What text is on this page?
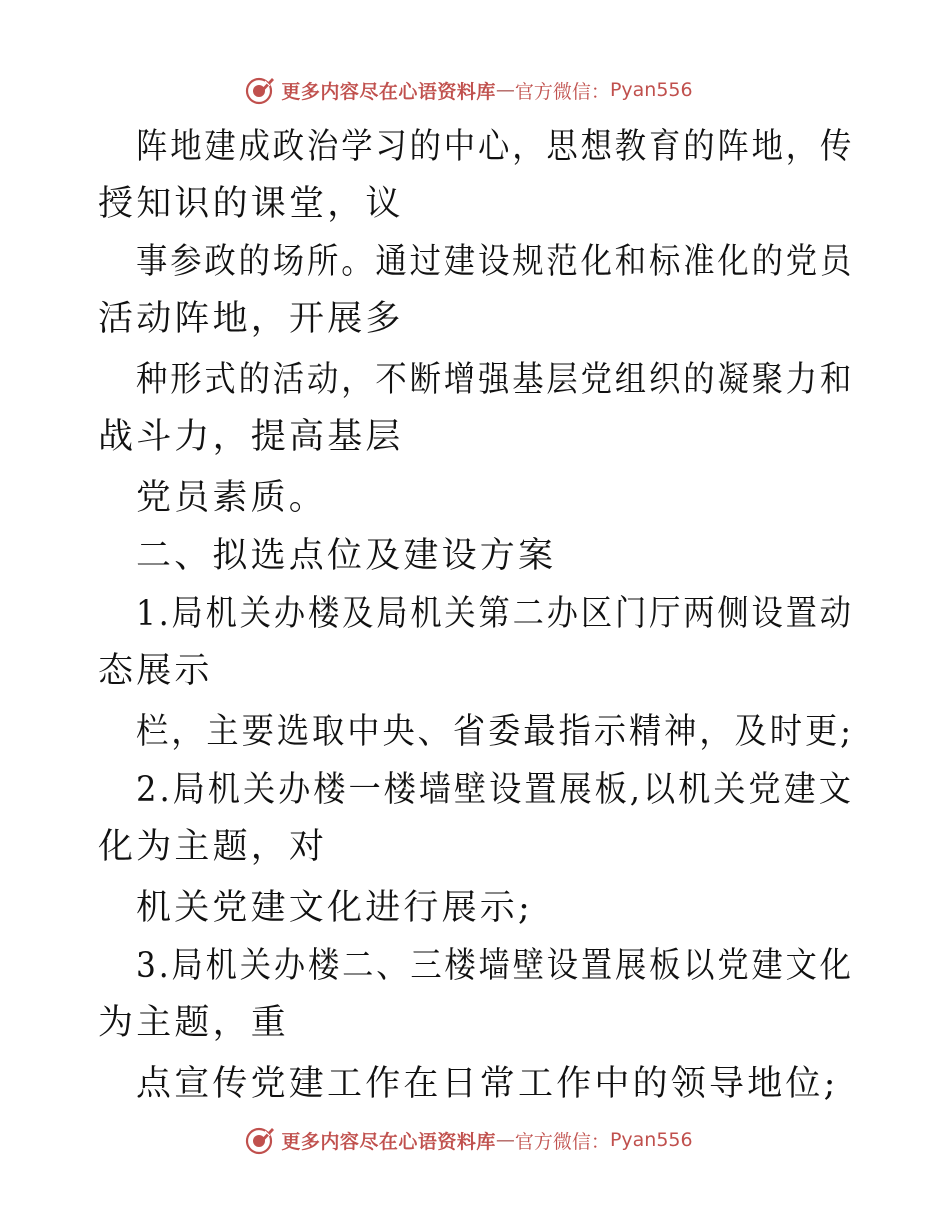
更多内容尽在心语资料库 — 官方微信： Pyan556
阵地建成政治学习的中心，思想教育的阵地，传
授知识的课堂，议
事参政的场所。通过建设规范化和标准化的党员
活动阵地，开展多
种形式的活动，不断增强基层党组织的凝聚力和
战斗力，提高基层
党员素质。
二、拟选点位及建设方案
1.局机关办楼及局机关第二办区门厅两侧设置动
态展示
栏，主要选取中央、省委最指示精神，及时更;
2.局机关办楼一楼墙壁设置展板,以机关党建文
化为主题，对
机关党建文化进行展示;
3.局机关办楼二、三楼墙壁设置展板以党建文化
为主题，重
点宣传党建工作在日常工作中的领导地位;
更多内容尽在心语资料库 — 官方微信： Pyan556
